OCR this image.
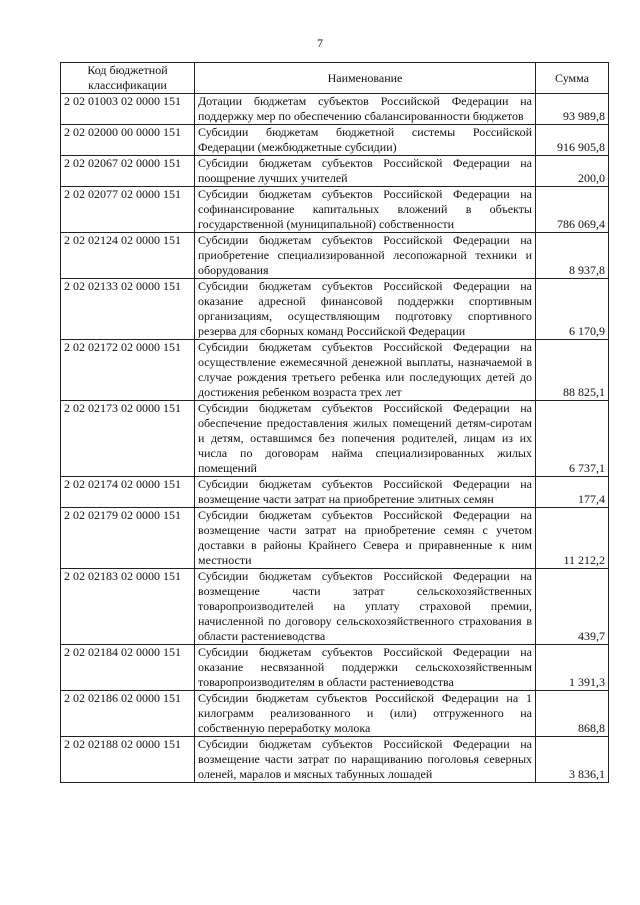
7
Код бюджетной классификации	Наименование	Сумма
2 02 01003 02 0000 151	Дотации бюджетам субъектов Российской Федерации на поддержку мер по обеспечению сбалансированности бюджетов	93 989,8
2 02 02000 00 0000 151	Субсидии бюджетам бюджетной системы Российской Федерации (межбюджетные субсидии)	916 905,8
2 02 02067 02 0000 151	Субсидии бюджетам субъектов Российской Федерации на поощрение лучших учителей	200,0
2 02 02077 02 0000 151	Субсидии бюджетам субъектов Российской Федерации на софинансирование капитальных вложений в объекты государственной (муниципальной) собственности	786 069,4
2 02 02124 02 0000 151	Субсидии бюджетам субъектов Российской Федерации на приобретение специализированной лесопожарной техники и оборудования	8 937,8
2 02 02133 02 0000 151	Субсидии бюджетам субъектов Российской Федерации на оказание адресной финансовой поддержки спортивным организациям, осуществляющим подготовку спортивного резерва для сборных команд Российской Федерации	6 170,9
2 02 02172 02 0000 151	Субсидии бюджетам субъектов Российской Федерации на осуществление ежемесячной денежной выплаты, назначаемой в случае рождения третьего ребенка или последующих детей до достижения ребенком возраста трех лет	88 825,1
2 02 02173 02 0000 151	Субсидии бюджетам субъектов Российской Федерации на обеспечение предоставления жилых помещений детям-сиротам и детям, оставшимся без попечения родителей, лицам из их числа по договорам найма специализированных жилых помещений	6 737,1
2 02 02174 02 0000 151	Субсидии бюджетам субъектов Российской Федерации на возмещение части затрат на приобретение элитных семян	177,4
2 02 02179 02 0000 151	Субсидии бюджетам субъектов Российской Федерации на возмещение части затрат на приобретение семян с учетом доставки в районы Крайнего Севера и приравненные к ним местности	11 212,2
2 02 02183 02 0000 151	Субсидии бюджетам субъектов Российской Федерации на возмещение части затрат сельскохозяйственных товаропроизводителей на уплату страховой премии, начисленной по договору сельскохозяйственного страхования в области растениеводства	439,7
2 02 02184 02 0000 151	Субсидии бюджетам субъектов Российской Федерации на оказание несвязанной поддержки сельскохозяйственным товаропроизводителям в области растениеводства	1 391,3
2 02 02186 02 0000 151	Субсидии бюджетам субъектов Российской Федерации на 1 килограмм реализованного и (или) отгруженного на собственную переработку молока	868,8
2 02 02188 02 0000 151	Субсидии бюджетам субъектов Российской Федерации на возмещение части затрат по наращиванию поголовья северных оленей, маралов и мясных табунных лошадей	3 836,1
